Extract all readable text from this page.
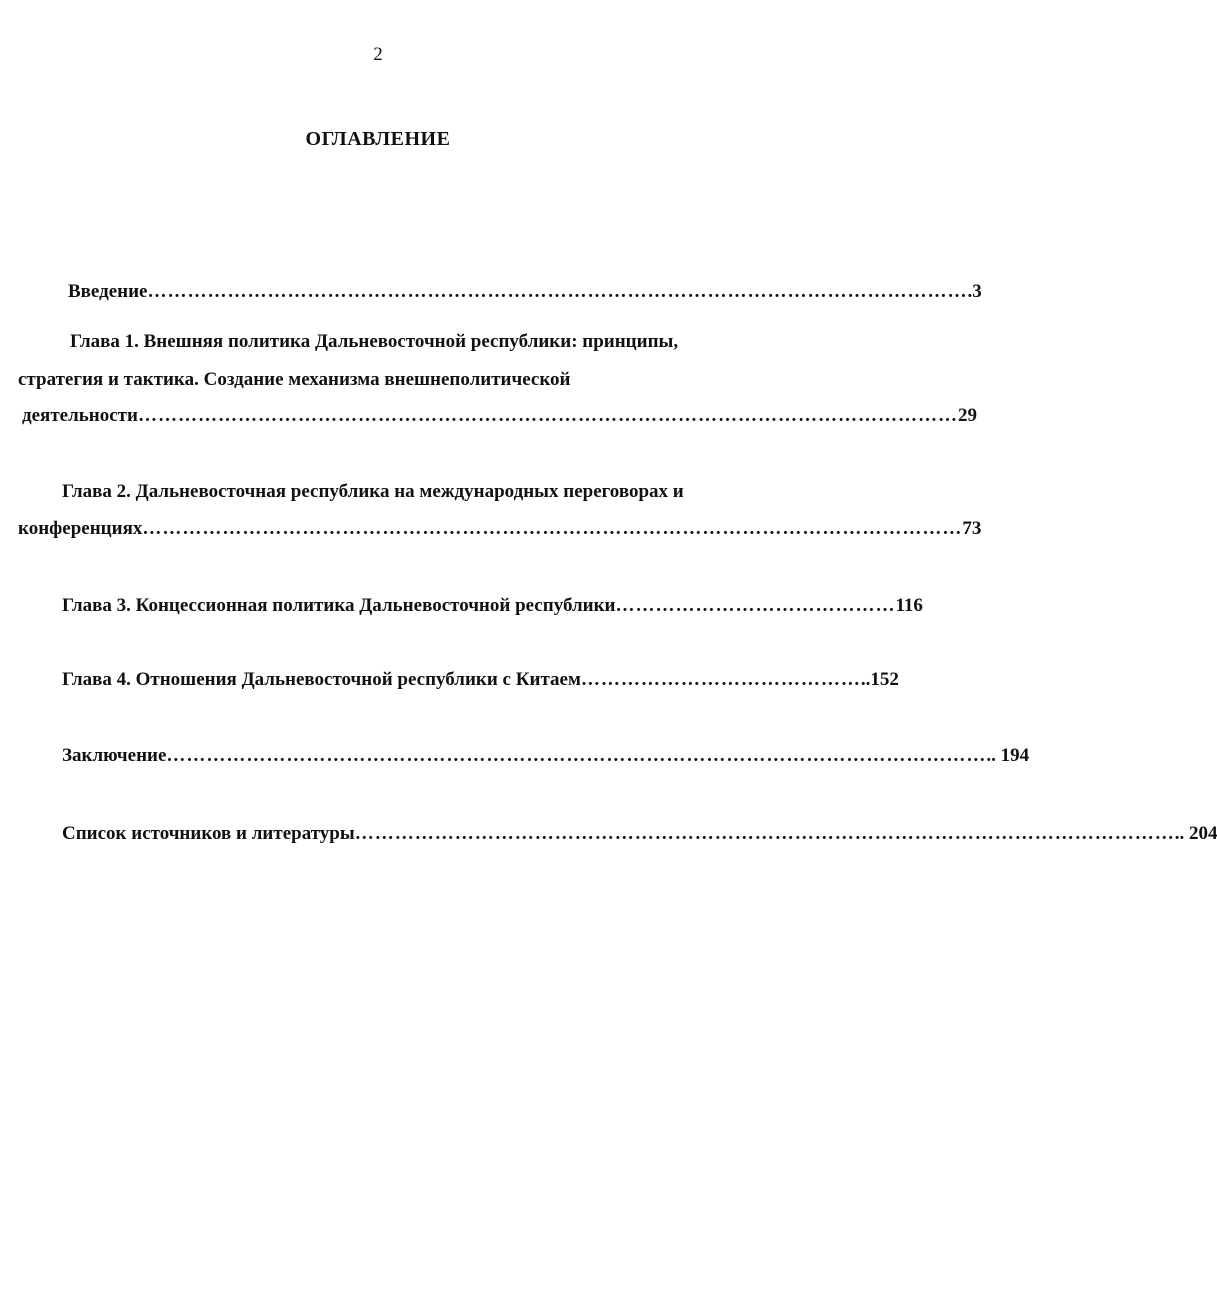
2
ОГЛАВЛЕНИЕ
Введение …………………………………………………………………………………………………………… .3
Глава 1. Внешняя политика Дальневосточной республики: принципы,
стратегия и тактика. Создание механизма внешнеполитической
деятельности …………………………………………………………………………………………………………… 29
Глава 2. Дальневосточная республика на международных переговорах и
конференциях …………………………………………………………………………………………………………… 73
Глава 3. Концессионная политика Дальневосточной республики …………………………………… 116
Глава 4. Отношения Дальневосточной республики с Китаем …………………………………… ..152
Заключение …………………………………………………………………………………………………………… .. 194
Список источников и литературы …………………………………………………………………………………………………………… .. 204
